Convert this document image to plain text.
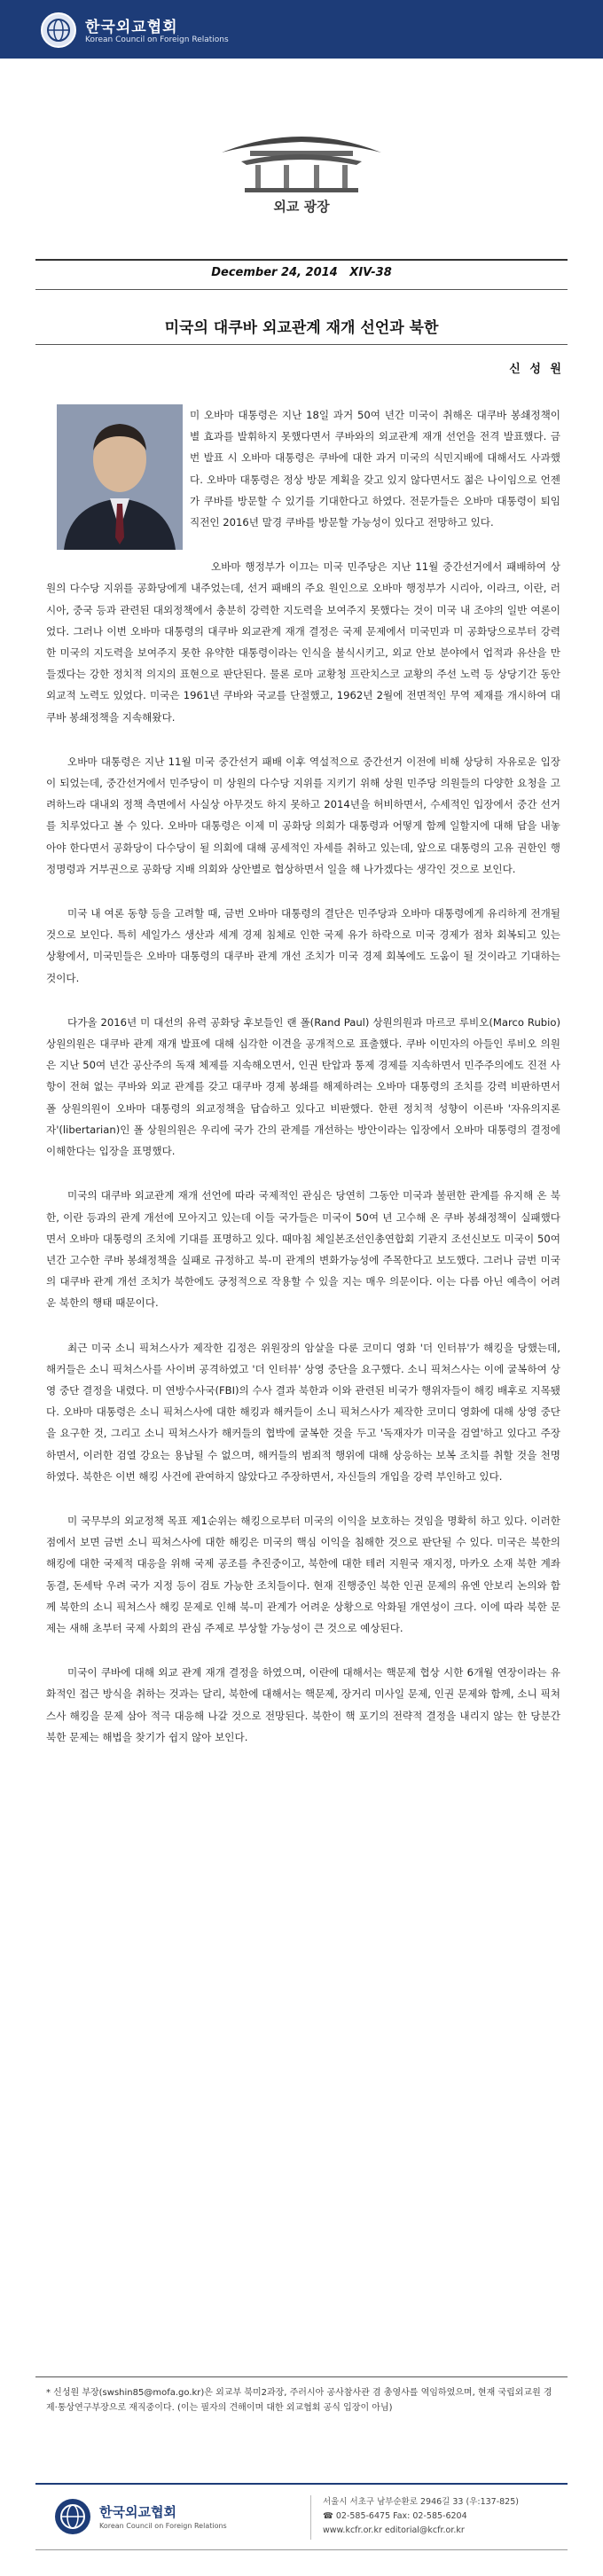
한국외교협회
Korean Council on Foreign Relations
외교 광장
December 24, 2014 XIV-38
미국의 대쿠바 외교관계 재개 선언과 북한
신 성 원

미 오바마 대통령은 지난 18일 과거 50여 년간 미국이 취해온 대쿠바 봉쇄정책이 별 효과를 발휘하지 못했다면서 쿠바와의 외교관계 재개 선언을 전격 발표했다. 금번 발표 시 오바마 대통령은 쿠바에 대한 과거 미국의 식민지배에 대해서도 사과했다. 오바마 대통령은 정상 방문 계획을 갖고 있지 않다면서도 젊은 나이임으로 언젠가 쿠바를 방문할 수 있기를 기대한다고 하였다. 전문가들은 오바마 대통령이 퇴임 직전인 2016년 말경 쿠바를 방문할 가능성이 있다고 전망하고 있다.

오바마 행정부가 이끄는 미국 민주당은 지난 11월 중간선거에서 패배하여 상원의 다수당 지위를 공화당에게 내주었는데, 선거 패배의 주요 원인으로 오바마 행정부가 시리아, 이라크, 이란, 러시아, 중국 등과 관련된 대외정책에서 충분히 강력한 지도력을 보여주지 못했다는 것이 미국 내 조야의 일반 여론이었다. 그러나 이번 오바마 대통령의 대쿠바 외교관계 재개 결정은 국제 문제에서 미국민과 미 공화당으로부터 강력한 미국의 지도력을 보여주지 못한 유약한 대통령이라는 인식을 불식시키고, 외교 안보 분야에서 업적과 유산을 만들겠다는 강한 정치적 의지의 표현으로 판단된다. 물론 로마 교황청 프란치스코 교황의 주선 노력 등 상당기간 동안 외교적 노력도 있었다. 미국은 1961년 쿠바와 국교를 단절했고, 1962년 2월에 전면적인 무역 제재를 개시하여 대쿠바 봉쇄정책을 지속해왔다.

오바마 대통령은 지난 11월 미국 중간선거 패배 이후 역설적으로 중간선거 이전에 비해 상당히 자유로운 입장이 되었는데, 중간선거에서 민주당이 미 상원의 다수당 지위를 지키기 위해 상원 민주당 의원들의 다양한 요청을 고려하느라 대내외 정책 측면에서 사실상 아무것도 하지 못하고 2014년을 허비하면서, 수세적인 입장에서 중간 선거를 치루었다고 볼 수 있다. 오바마 대통령은 이제 미 공화당 의회가 대통령과 어떻게 함께 일할지에 대해 답을 내놓아야 한다면서 공화당이 다수당이 될 의회에 대해 공세적인 자세를 취하고 있는데, 앞으로 대통령의 고유 권한인 행정명령과 거부권으로 공화당 지배 의회와 상안별로 협상하면서 일을 해 나가겠다는 생각인 것으로 보인다.

미국 내 여론 동향 등을 고려할 때, 금번 오바마 대통령의 결단은 민주당과 오바마 대통령에게 유리하게 전개될 것으로 보인다. 특히 세일가스 생산과 세계 경제 침체로 인한 국제 유가 하락으로 미국 경제가 점차 회복되고 있는 상황에서, 미국민들은 오바마 대통령의 대쿠바 관계 개선 조치가 미국 경제 회복에도 도움이 될 것이라고 기대하는 것이다.

다가올 2016년 미 대선의 유력 공화당 후보들인 랜 폴(Rand Paul) 상원의원과 마르코 루비오(Marco Rubio) 상원의원은 대쿠바 관계 재개 발표에 대해 심각한 이견을 공개적으로 표출했다. 쿠바 이민자의 아들인 루비오 의원은 지난 50여 년간 공산주의 독재 체제를 지속해오면서, 인권 탄압과 통제 경제를 지속하면서 민주주의에도 진전 사항이 전혀 없는 쿠바와 외교 관계를 갖고 대쿠바 경제 봉쇄를 해제하려는 오바마 대통령의 조치를 강력 비판하면서 폴 상원의원이 오바마 대통령의 외교정책을 답습하고 있다고 비판했다. 한편 정치적 성향이 이른바 '자유의지론자'(libertarian)인 폴 상원의원은 우리에 국가 간의 관계를 개선하는 방안이라는 입장에서 오바마 대통령의 결정에 이해한다는 입장을 표명했다.

미국의 대쿠바 외교관계 재개 선언에 따라 국제적인 관심은 당연히 그동안 미국과 불편한 관계를 유지해 온 북한, 이란 등과의 관계 개선에 모아지고 있는데 이들 국가들은 미국이 50여 년 고수해 온 쿠바 봉쇄정책이 실패했다면서 오바마 대통령의 조치에 기대를 표명하고 있다. 때마침 체일본조선인총연합회 기관지 조선신보도 미국이 50여 년간 고수한 쿠바 봉쇄정책을 실패로 규정하고 북-미 관계의 변화가능성에 주목한다고 보도했다. 그러나 금번 미국의 대쿠바 관계 개선 조치가 북한에도 긍정적으로 작용할 수 있을 지는 매우 의문이다. 이는 다름 아닌 예측이 어려운 북한의 행태 때문이다.

최근 미국 소니 픽쳐스사가 제작한 김정은 위원장의 암살을 다룬 코미디 영화 '더 인터뷰'가 해킹을 당했는데, 해커들은 소니 픽쳐스사를 사이버 공격하였고 '더 인터뷰' 상영 중단을 요구했다. 소니 픽쳐스사는 이에 굴복하여 상영 중단 결정을 내렸다. 미 연방수사국(FBI)의 수사 결과 북한과 이와 관련된 비국가 행위자들이 해킹 배후로 지목됐다. 오바마 대통령은 소니 픽쳐스사에 대한 해킹과 해커들이 소니 픽쳐스사가 제작한 코미디 영화에 대해 상영 중단을 요구한 것, 그리고 소니 픽쳐스사가 해커들의 협박에 굴복한 것을 두고 '독재자가 미국을 검열'하고 있다고 주장하면서, 이러한 검열 강요는 용납될 수 없으며, 해커들의 범죄적 행위에 대해 상응하는 보복 조치를 취할 것을 천명하였다. 북한은 이번 해킹 사건에 관여하지 않았다고 주장하면서, 자신들의 개입을 강력 부인하고 있다.

미 국무부의 외교정책 목표 제1순위는 해킹으로부터 미국의 이익을 보호하는 것임을 명확히 하고 있다. 이러한 점에서 보면 금번 소니 픽쳐스사에 대한 해킹은 미국의 핵심 이익을 침해한 것으로 판단될 수 있다. 미국은 북한의 해킹에 대한 국제적 대응을 위해 국제 공조를 추진중이고, 북한에 대한 테러 지원국 재지정, 마카오 소재 북한 계좌 동결, 돈세탁 우려 국가 지정 등이 검토 가능한 조치들이다. 현재 진행중인 북한 인권 문제의 유엔 안보리 논의와 함께 북한의 소니 픽쳐스사 해킹 문제로 인해 북-미 관계가 어려운 상황으로 악화될 개연성이 크다. 이에 따라 북한 문제는 새해 초부터 국제 사회의 관심 주제로 부상할 가능성이 큰 것으로 예상된다.

미국이 쿠바에 대해 외교 관계 재개 결정을 하였으며, 이란에 대해서는 핵문제 협상 시한 6개월 연장이라는 유화적인 접근 방식을 취하는 것과는 달리, 북한에 대해서는 핵문제, 장거리 미사일 문제, 인권 문제와 함께, 소니 픽쳐스사 해킹을 문제 삼아 적극 대응해 나갈 것으로 전망된다. 북한이 핵 포기의 전략적 결정을 내리지 않는 한 당분간 북한 문제는 해법을 찾기가 쉽지 않아 보인다.

* 신성원 부장(swshin85@mofa.go.kr)은 외교부 북미2과장, 주러시아 공사참사관 겸 총영사를 역임하였으며, 현재 국립외교원 경제·통상연구부장으로 재직중이다. (이는 필자의 견해이며 대한 외교협회 공식 입장이 아님)
한국외교협회
Korean Council on Foreign Relations
서울시 서초구 남부순환로 2946길 33 (우:137-825)
☎ 02-585-6475 Fax: 02-585-6204
www.kcfr.or.kr editorial@kcfr.or.kr
